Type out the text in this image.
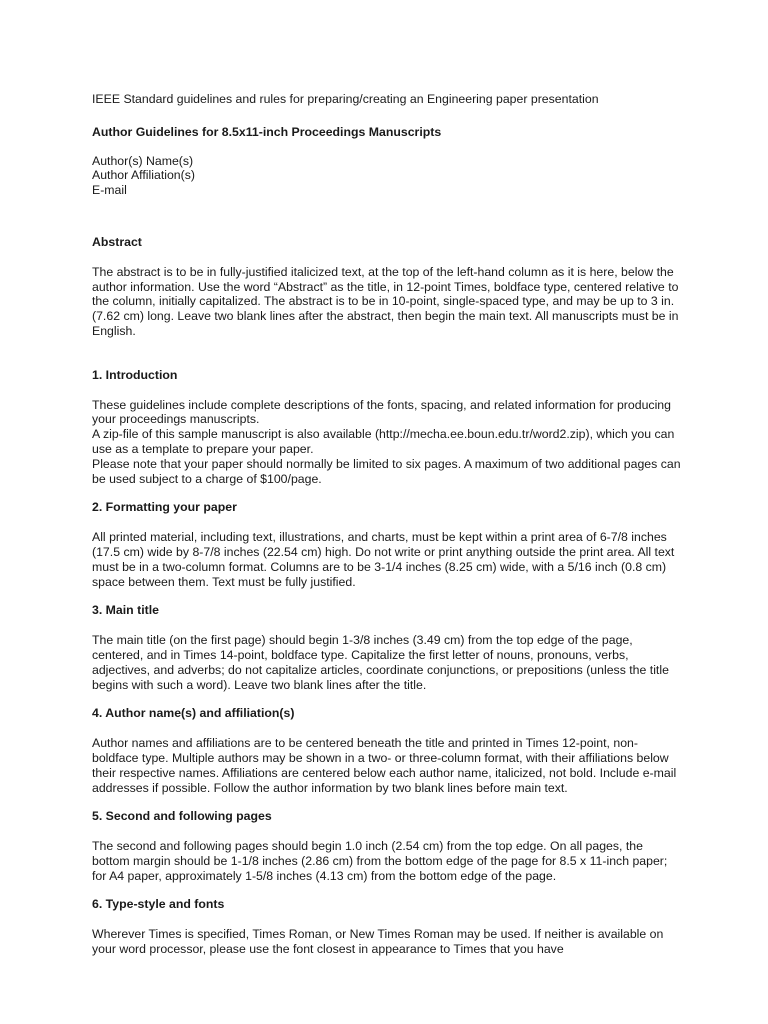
IEEE Standard guidelines and rules for preparing/creating an Engineering paper presentation

Author Guidelines for 8.5x11-inch Proceedings Manuscripts

Author(s) Name(s)
Author Affiliation(s)
E-mail
Abstract
The abstract is to be in fully-justified italicized text, at the top of the left-hand column as it is here, below the author information. Use the word “Abstract” as the title, in 12-point Times, boldface type, centered relative to the column, initially capitalized. The abstract is to be in 10-point, single-spaced type, and may be up to 3 in. (7.62 cm) long. Leave two blank lines after the abstract, then begin the main text. All manuscripts must be in English.
1. Introduction
These guidelines include complete descriptions of the fonts, spacing, and related information for producing your proceedings manuscripts.
A zip-file of this sample manuscript is also available (http://mecha.ee.boun.edu.tr/word2.zip), which you can use as a template to prepare your paper.
Please note that your paper should normally be limited to six pages. A maximum of two additional pages can be used subject to a charge of $100/page.
2. Formatting your paper
All printed material, including text, illustrations, and charts, must be kept within a print area of 6-7/8 inches (17.5 cm) wide by 8-7/8 inches (22.54 cm) high. Do not write or print anything outside the print area. All text must be in a two-column format. Columns are to be 3-1/4 inches (8.25 cm) wide, with a 5/16 inch (0.8 cm) space between them. Text must be fully justified.
3. Main title
The main title (on the first page) should begin 1-3/8 inches (3.49 cm) from the top edge of the page, centered, and in Times 14-point, boldface type. Capitalize the first letter of nouns, pronouns, verbs, adjectives, and adverbs; do not capitalize articles, coordinate conjunctions, or prepositions (unless the title begins with such a word). Leave two blank lines after the title.
4. Author name(s) and affiliation(s)
Author names and affiliations are to be centered beneath the title and printed in Times 12-point, non-boldface type. Multiple authors may be shown in a two- or three-column format, with their affiliations below their respective names. Affiliations are centered below each author name, italicized, not bold. Include e-mail addresses if possible. Follow the author information by two blank lines before main text.
5. Second and following pages
The second and following pages should begin 1.0 inch (2.54 cm) from the top edge. On all pages, the bottom margin should be 1-1/8 inches (2.86 cm) from the bottom edge of the page for 8.5 x 11-inch paper; for A4 paper, approximately 1-5/8 inches (4.13 cm) from the bottom edge of the page.
6. Type-style and fonts
Wherever Times is specified, Times Roman, or New Times Roman may be used. If neither is available on your word processor, please use the font closest in appearance to Times that you have
